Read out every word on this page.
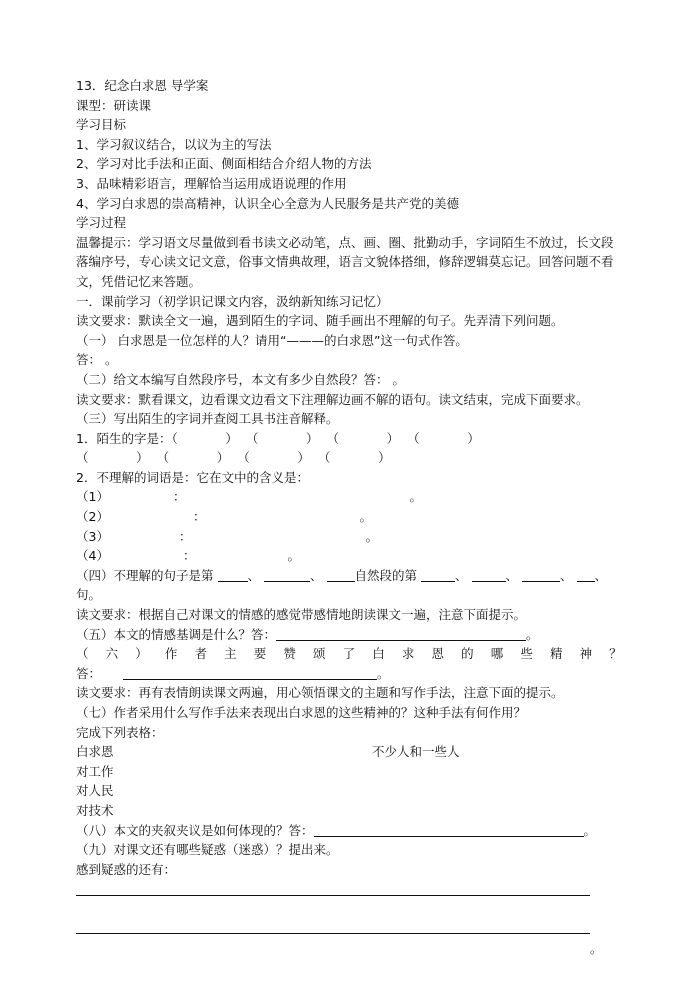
13．纪念白求恩 导学案
课型：研读课
学习目标
1、学习叙议结合，以议为主的写法
2、学习对比手法和正面、侧面相结合介绍人物的方法
3、品味精彩语言，理解恰当运用成语说理的作用
4、学习白求恩的崇高精神，认识全心全意为人民服务是共产党的美德
学习过程
温馨提示：学习语文尽量做到看书读文必动笔，点、画、圈、批勤动手，字词陌生不放过，长文段
落编序号，专心读文记文意，俗事文情典故理，语言文貌体搭细，修辞逻辑莫忘记。回答问题不看
文，凭借记忆来答题。
一．课前学习（初学识记课文内容，汲纳新知练习记忆）
读文要求：默读全文一遍，遇到陌生的字词、随手画出不理解的句子。先弄清下列问题。
（一） 白求恩是一位怎样的人？请用“———的白求恩”这一句式作答。
答： 。
（二）给文本编写自然段序号，本文有多少自然段？答： 。
读文要求：默看课文，边看课文边看文下注理解边画不解的语句。读文结束，完成下面要求。
（三）写出陌生的字词并查阅工具书注音解释。
1．陌生的字是：（            ）  （            ）  （            ）  （            ）
（            ）  （            ）  （            ）  （            ）
2．不理解的词语是：它在文中的含义是：
（1）	：	。
（2）	：	。
（3）	：	。
（4）	：	。
（四）不理解的句子是第	、	、	自然段的第	、	、	、 、
句。
读文要求：根据自己对课文的情感的感觉带感情地朗读课文一遍，注意下面提示。
（五）本文的情感基调是什么？答：	。
（ 六 ） 作 者 主 要 赞 颂 了 白 求 恩 的 哪 些 精 神 ？
答：	。
读文要求：再有表情朗读课文两遍，用心领悟课文的主题和写作手法，注意下面的提示。
（七）作者采用什么写作手法来表现出白求恩的这些精神的？这种手法有何作用？
完成下列表格：
白求恩	不少人和一些人
对工作
对人民
对技术
（八）本文的夹叙夹议是如何体现的？答：	。
（九）对课文还有哪些疑惑（迷惑）？提出来。
感到疑惑的还有：
。
